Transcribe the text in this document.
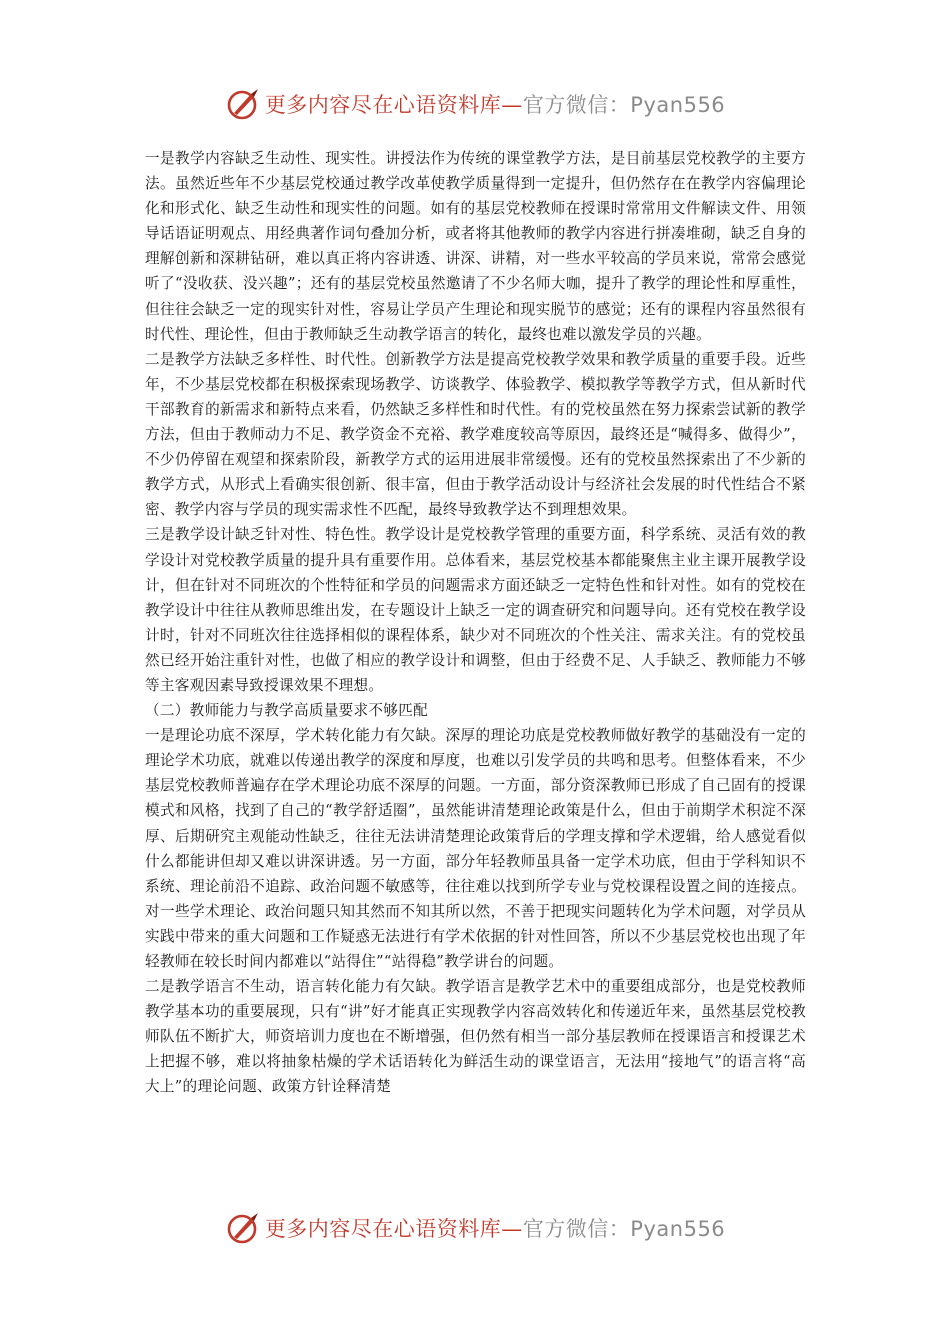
更多内容尽在心语资料库—官方微信：Pyan556

一是教学内容缺乏生动性、现实性。讲授法作为传统的课堂教学方法，是目前基层党校教学的主要方法。虽然近些年不少基层党校通过教学改革使教学质量得到一定提升，但仍然存在在教学内容偏理论化和形式化、缺乏生动性和现实性的问题。如有的基层党校教师在授课时常常用文件解读文件、用领导话语证明观点、用经典著作词句叠加分析，或者将其他教师的教学内容进行拼凑堆砌，缺乏自身的理解创新和深耕钻研，难以真正将内容讲透、讲深、讲精，对一些水平较高的学员来说，常常会感觉听了“没收获、没兴趣”；还有的基层党校虽然邀请了不少名师大咖，提升了教学的理论性和厚重性，但往往会缺乏一定的现实针对性，容易让学员产生理论和现实脱节的感觉；还有的课程内容虽然很有时代性、理论性，但由于教师缺乏生动教学语言的转化，最终也难以激发学员的兴趣。

二是教学方法缺乏多样性、时代性。创新教学方法是提高党校教学效果和教学质量的重要手段。近些年，不少基层党校都在积极探索现场教学、访谈教学、体验教学、模拟教学等教学方式，但从新时代干部教育的新需求和新特点来看，仍然缺乏多样性和时代性。有的党校虽然在努力探索尝试新的教学方法，但由于教师动力不足、教学资金不充裕、教学难度较高等原因，最终还是“喊得多、做得少”，不少仍停留在观望和探索阶段，新教学方式的运用进展非常缓慢。还有的党校虽然探索出了不少新的教学方式，从形式上看确实很创新、很丰富，但由于教学活动设计与经济社会发展的时代性结合不紧密、教学内容与学员的现实需求性不匹配，最终导致教学达不到理想效果。

三是教学设计缺乏针对性、特色性。教学设计是党校教学管理的重要方面，科学系统、灵活有效的教学设计对党校教学质量的提升具有重要作用。总体看来，基层党校基本都能聚焦主业主课开展教学设计，但在针对不同班次的个性特征和学员的问题需求方面还缺乏一定特色性和针对性。如有的党校在教学设计中往往从教师思维出发，在专题设计上缺乏一定的调查研究和问题导向。还有党校在教学设计时，针对不同班次往往选择相似的课程体系，缺少对不同班次的个性关注、需求关注。有的党校虽然已经开始注重针对性，也做了相应的教学设计和调整，但由于经费不足、人手缺乏、教师能力不够等主客观因素导致授课效果不理想。

（二）教师能力与教学高质量要求不够匹配

一是理论功底不深厚，学术转化能力有欠缺。深厚的理论功底是党校教师做好教学的基础没有一定的理论学术功底，就难以传递出教学的深度和厚度，也难以引发学员的共鸣和思考。但整体看来，不少基层党校教师普遍存在学术理论功底不深厚的问题。一方面，部分资深教师已形成了自己固有的授课模式和风格，找到了自己的“教学舒适圈”，虽然能讲清楚理论政策是什么，但由于前期学术积淀不深厚、后期研究主观能动性缺乏，往往无法讲清楚理论政策背后的学理支撑和学术逻辑，给人感觉看似什么都能讲但却又难以讲深讲透。另一方面，部分年轻教师虽具备一定学术功底，但由于学科知识不系统、理论前沿不追踪、政治问题不敏感等，往往难以找到所学专业与党校课程设置之间的连接点。对一些学术理论、政治问题只知其然而不知其所以然，不善于把现实问题转化为学术问题，对学员从实践中带来的重大问题和工作疑惑无法进行有学术依据的针对性回答，所以不少基层党校也出现了年轻教师在较长时间内都难以“站得住”“站得稳”教学讲台的问题。

二是教学语言不生动，语言转化能力有欠缺。教学语言是教学艺术中的重要组成部分，也是党校教师教学基本功的重要展现，只有“讲”好才能真正实现教学内容高效转化和传递近年来，虽然基层党校教师队伍不断扩大，师资培训力度也在不断增强，但仍然有相当一部分基层教师在授课语言和授课艺术上把握不够，难以将抽象枯燥的学术话语转化为鲜活生动的课堂语言，无法用“接地气”的语言将“高大上”的理论问题、政策方针诠释清楚

更多内容尽在心语资料库—官方微信：Pyan556
